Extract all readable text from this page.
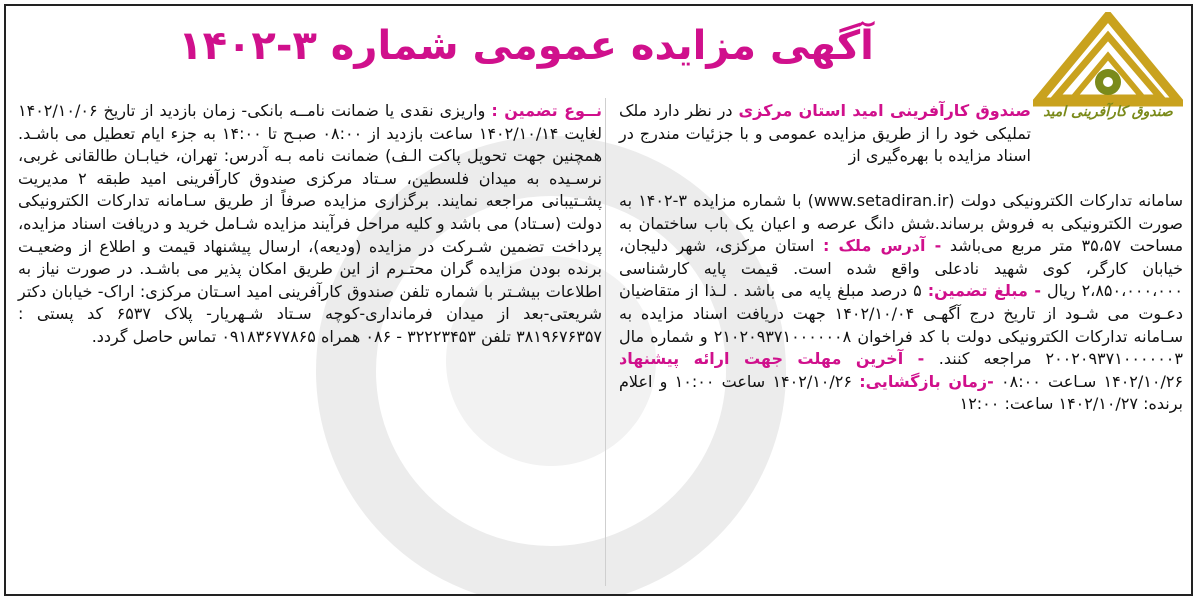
صندوق کارآفرینی امید
آگهی مزایده عمومی شماره ۳-۱۴۰۲
صندوق کارآفرینی امید استان مرکزی در نظر دارد ملک تملیکی خود را از طریق مزایده عمومی و با جزئیات مندرج در اسناد مزایده با بهره‌گیری از
سامانه تدارکات الکترونیکی دولت (www.setadiran.ir) با شماره مزایده ۳-۱۴۰۲ به صورت الکترونیکی به فروش برساند.شش دانگ عرصه و اعیان یک باب ساختمان به مساحت ۳۵،۵۷ متر مربع می‌باشد - آدرس ملک : استان مرکزی، شهر دلیجان، خیابان کارگر، کوی شهید نادعلی واقع شده است. قیمت پایه کارشناسی ۲،۸۵۰،۰۰۰،۰۰۰ ریال - مبلغ تضمین: ۵ درصد مبلغ پایه می باشد . لـذا از متقاضیان دعـوت می شـود از تاریخ درج آگهـی ۱۴۰۲/۱۰/۰۴ جهت دریافت اسناد مزایده به سـامانه تدارکات الکترونیکی دولت با کد فراخوان ۲۱۰۲۰۹۳۷۱۰۰۰۰۰۰۸ و شماره مال ۲۰۰۲۰۹۳۷۱۰۰۰۰۰۰۳ مراجعه کنند. - آخرین مهلت جهت ارائه پیشنهاد ۱۴۰۲/۱۰/۲۶ سـاعت ۰۸:۰۰ -زمان بازگشایی: ۱۴۰۲/۱۰/۲۶ ساعت ۱۰:۰۰ و اعلام برنده: ۱۴۰۲/۱۰/۲۷ ساعت: ۱۲:۰۰
نــوع تضمین : واریزی نقدی یا ضمانت نامــه بانکی- زمان بازدید از تاریخ ۱۴۰۲/۱۰/۰۶ لغایت ۱۴۰۲/۱۰/۱۴ ساعت بازدید از ۰۸:۰۰ صبـح تا ۱۴:۰۰ به جزء ایام تعطیل می باشـد. همچنین جهت تحویل پاکت الـف) ضمانت نامه بـه آدرس: تهران، خیابـان طالقانی غربی، نرسـیده به میدان فلسطین، سـتاد مرکزی صندوق کارآفرینی امید طبقه ۲ مدیریت پشـتیبانی مراجعه نمایند. برگزاری مزایده صرفاً از طریق سـامانه تدارکات الکترونیکی دولت (سـتاد) می باشد و کلیه مراحل فرآیند مزایده شـامل خرید و دریافت اسناد مزایده، پرداخت تضمین شـرکت در مزایده (ودیعه)، ارسال پیشنهاد قیمت و اطلاع از وضعیـت برنده بودن مزایده گران محتـرم از این طریق امکان پذیر می باشـد. در صورت نیاز به اطلاعات بیشـتر با شماره تلفن صندوق کارآفرینی امید اسـتان مرکزی: اراک- خیابان دکتر شریعتی-بعد از میدان فرمانداری-کوچه سـتاد شـهریار- پلاک ۶۵۳۷ کد پستی : ۳۸۱۹۶۷۶۳۵۷ تلفن ۳۲۲۲۳۴۵۳ - ۰۸۶ همراه ۰۹۱۸۳۶۷۷۸۶۵ تماس حاصل گردد.
